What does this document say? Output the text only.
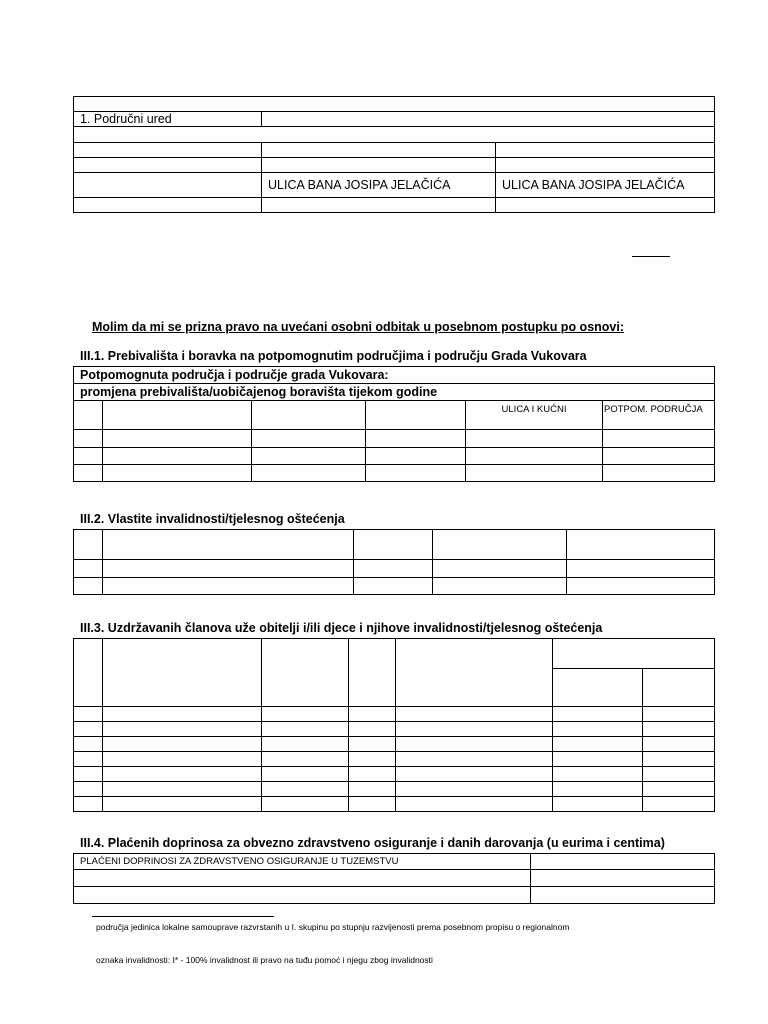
1. Područni ured		

	ULICA BANA JOSIPA JELAČIĆA	ULICA BANA JOSIPA JELAČIĆA

Molim da mi se prizna pravo na uvećani osobni odbitak u posebnom postupku po osnovi:
III.1. Prebivališta i boravka na potpomognutim područjima i području Grada Vukovara
Potpomognuta područja i područje grada Vukovara:					
promjena prebivališta/uobičajenog boravišta tijekom godine					
				ULICA I KUĆNI	POTPOM. PODRUČJA

III.2. Vlastite invalidnosti/tjelesnog oštećenja

III.3. Uzdržavanih članova uže obitelji i/ili djece i njihove invalidnosti/tjelesnog oštećenja

III.4. Plaćenih doprinosa za obvezno zdravstveno osiguranje i danih darovanja (u eurima i centima)
PLAĆENI DOPRINOSI ZA ZDRAVSTVENO OSIGURANJE U TUZEMSTVU	

područja jedinica lokalne samouprave razvrstanih u I. skupinu po stupnju razvijenosti prema posebnom propisu o regionalnom
oznaka invalidnosti: I* - 100% invalidnost ili pravo na tuđu pomoć i njegu zbog invalidnosti
